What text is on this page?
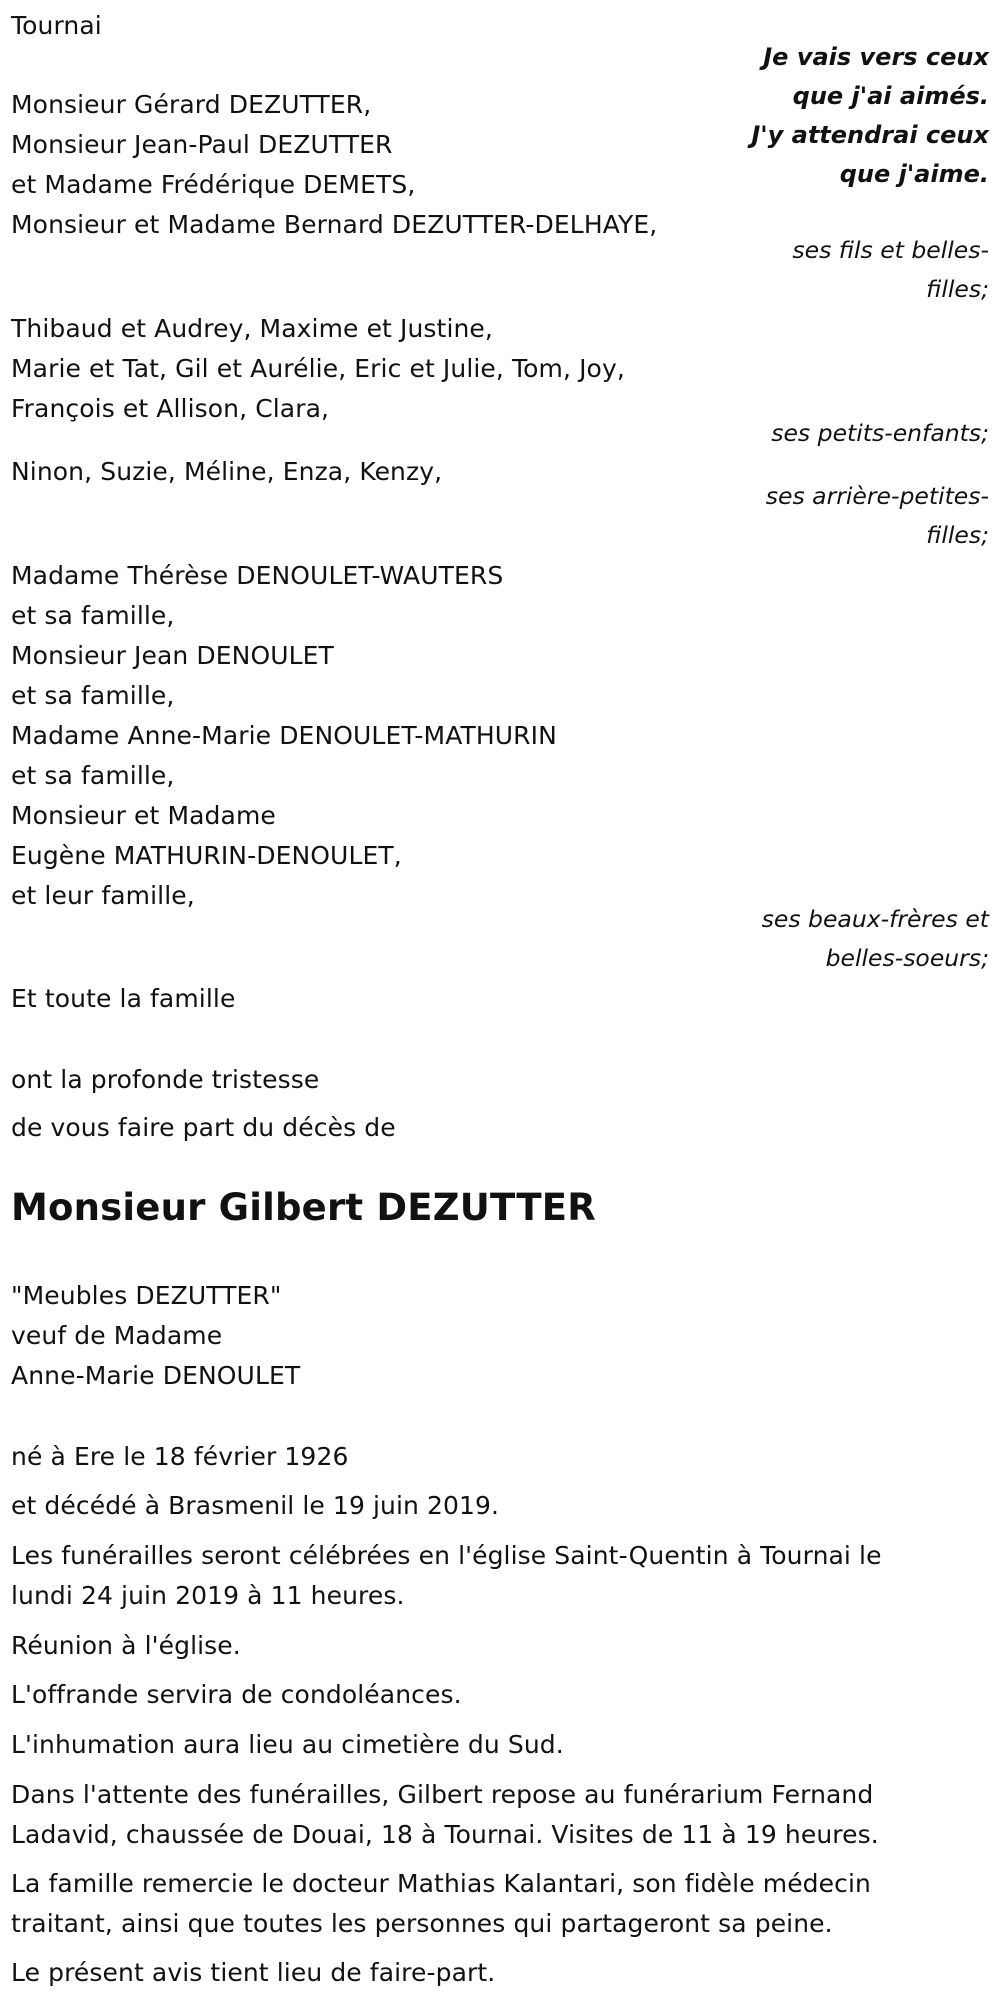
Tournai
Je vais vers ceux
que j'ai aimés.
J'y attendrai ceux
que j'aime.
Monsieur Gérard DEZUTTER,
Monsieur Jean-Paul DEZUTTER
et Madame Frédérique DEMETS,
Monsieur et Madame Bernard DEZUTTER-DELHAYE,
ses fils et belles-
filles;
Thibaud et Audrey, Maxime et Justine,
Marie et Tat, Gil et Aurélie, Eric et Julie, Tom, Joy,
François et Allison, Clara,
ses petits-enfants;
Ninon, Suzie, Méline, Enza, Kenzy,
ses arrière-petites-
filles;
Madame Thérèse DENOULET-WAUTERS
et sa famille,
Monsieur Jean DENOULET
et sa famille,
Madame Anne-Marie DENOULET-MATHURIN
et sa famille,
Monsieur et Madame
Eugène MATHURIN-DENOULET,
et leur famille,
ses beaux-frères et
belles-soeurs;
Et toute la famille
ont la profonde tristesse
de vous faire part du décès de
Monsieur Gilbert DEZUTTER
"Meubles DEZUTTER"
veuf de Madame
Anne-Marie DENOULET
né à Ere le 18 février 1926
et décédé à Brasmenil le 19 juin 2019.
Les funérailles seront célébrées en l'église Saint-Quentin à Tournai le
lundi 24 juin 2019 à 11 heures.
Réunion à l'église.
L'offrande servira de condoléances.
L'inhumation aura lieu au cimetière du Sud.
Dans l'attente des funérailles, Gilbert repose au funérarium Fernand
Ladavid, chaussée de Douai, 18 à Tournai. Visites de 11 à 19 heures.
La famille remercie le docteur Mathias Kalantari, son fidèle médecin
traitant, ainsi que toutes les personnes qui partageront sa peine.
Le présent avis tient lieu de faire-part.
